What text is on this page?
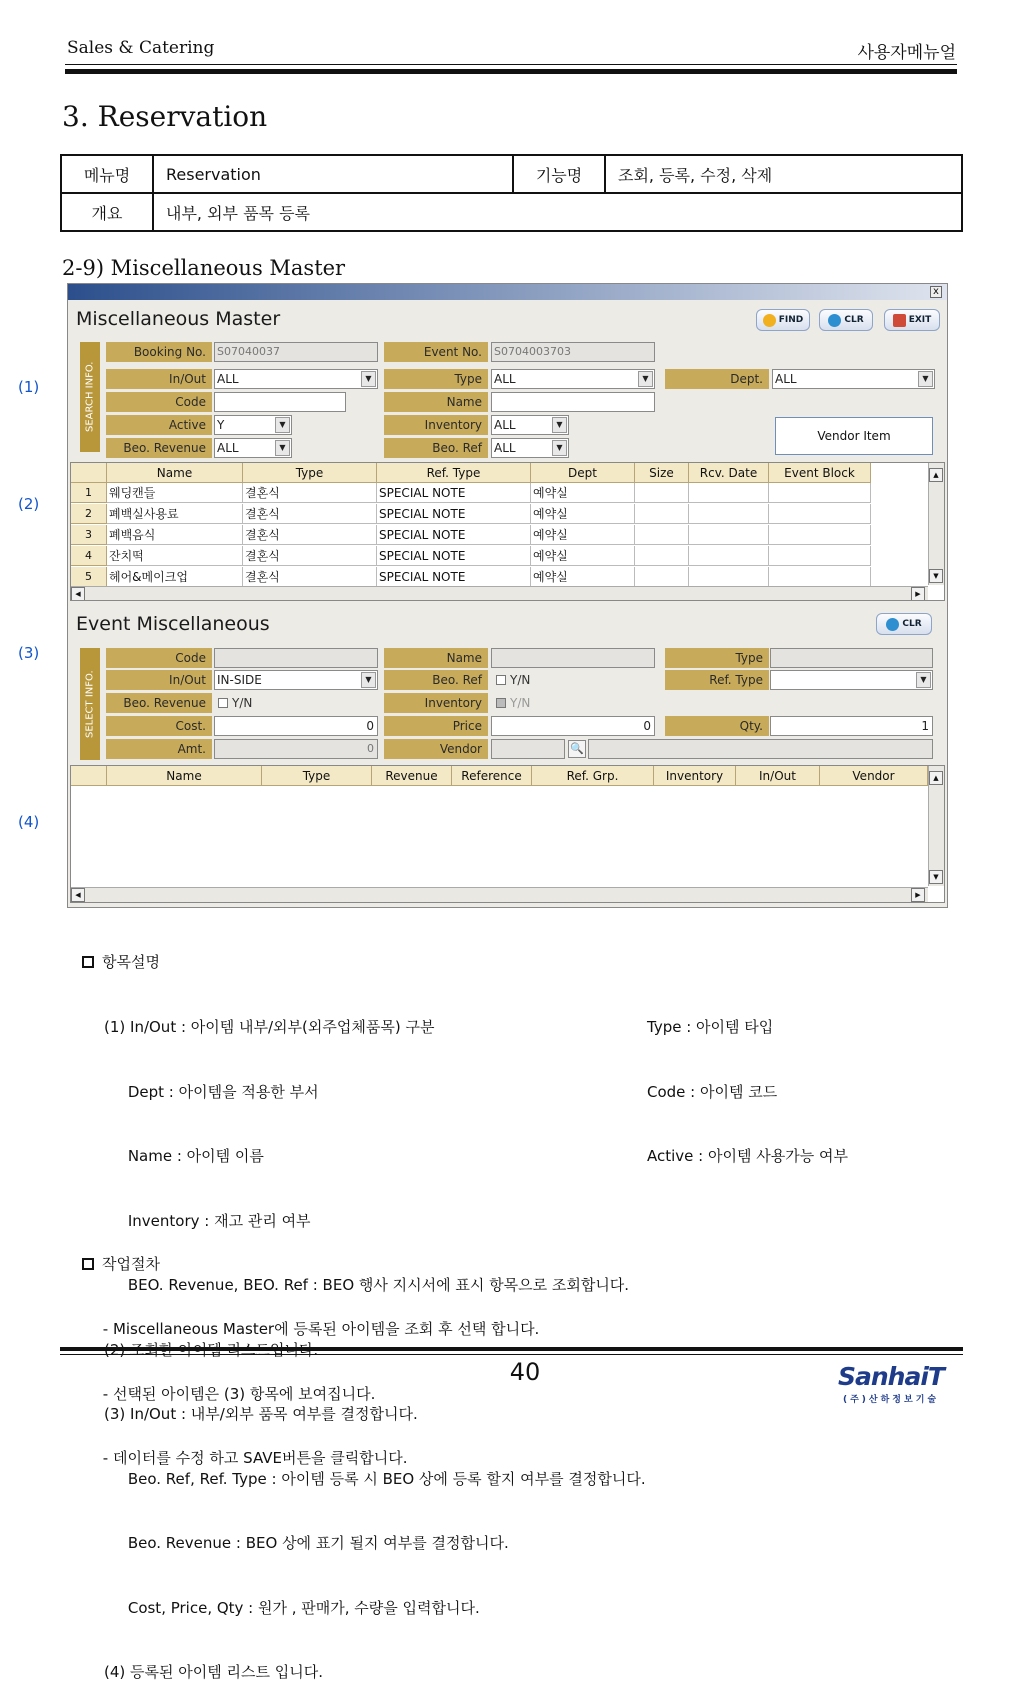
Sales & Catering	사용자메뉴얼
3. Reservation
메뉴명	Reservation	기능명	조회, 등록, 수정, 삭제
개요	내부, 외부 품목 등록		
2-9) Miscellaneous Master
(1)
(2)
(3)
(4)
x
Miscellaneous Master	FIND	CLR	EXIT
SEARCH INFO.
Booking No.	S07040037	Event No.	S0704003703
In/Out ALL	▼	Type	ALL	▼	Dept.	ALL	▼
Code	Name
Active Y	▼	Inventory	ALL	▼
Beo. Revenue ALL	▼	Beo. Ref	ALL	▼
Vendor Item
Name	Type	Ref. Type	Dept	Size	Rcv. Date	Event Block
1	웨딩캔들	결혼식	SPECIAL NOTE	예약실
2	폐백실사용료	결혼식	SPECIAL NOTE	예약실
3	폐백음식	결혼식	SPECIAL NOTE	예약실
4	잔치떡	결혼식	SPECIAL NOTE	예약실
5	헤어&메이크업	결혼식	SPECIAL NOTE	예약실
▲
▼
◀	▶
Event Miscellaneous	CLR
SELECT INFO.
Code	Name	Type
In/Out IN-SIDE	▼	Beo. Ref	Y/N	Ref. Type	▼
Beo. Revenue	Y/N	Inventory	Y/N
Cost.	0	Price	0	Qty.	1
Amt.	0	Vendor	🔍
Name	Type	Revenue	Reference	Ref. Grp.	Inventory	In/Out	Vendor	▲
▼
◀	▶
항목설명

(1) In/Out : 아이템 내부/외부(외주업체품목) 구분

Dept : 아이템을 적용한 부서

Name : 아이템 이름

Inventory : 재고 관리 여부

BEO. Revenue, BEO. Ref : BEO 행사 지시서에 표시 항목으로 조회합니다.

(3) In/Out : 내부/외부 품목 여부를 결정합니다.

Beo. Ref, Ref. Type : 아이템 등록 시 BEO 상에 등록 할지 여부를 결정합니다.

Beo. Revenue : BEO 상에 표기 될지 여부를 결정합니다.

Cost, Price, Qty : 원가 , 판매가, 수량을 입력합니다.

(4) 등록된 아이템 리스트 입니다.

Type : 아이템 타입

Code : 아이템 코드

Active : 아이템 사용가능 여부

작업절차

- Miscellaneous Master에 등록된 아이템을 조회 후 선택 합니다.

- 선택된 아이템은 (3) 항목에 보여집니다.

- 데이터를 수정 하고 SAVE버튼을 클릭합니다.

40	SanhaiT
(주)산하정보기술
